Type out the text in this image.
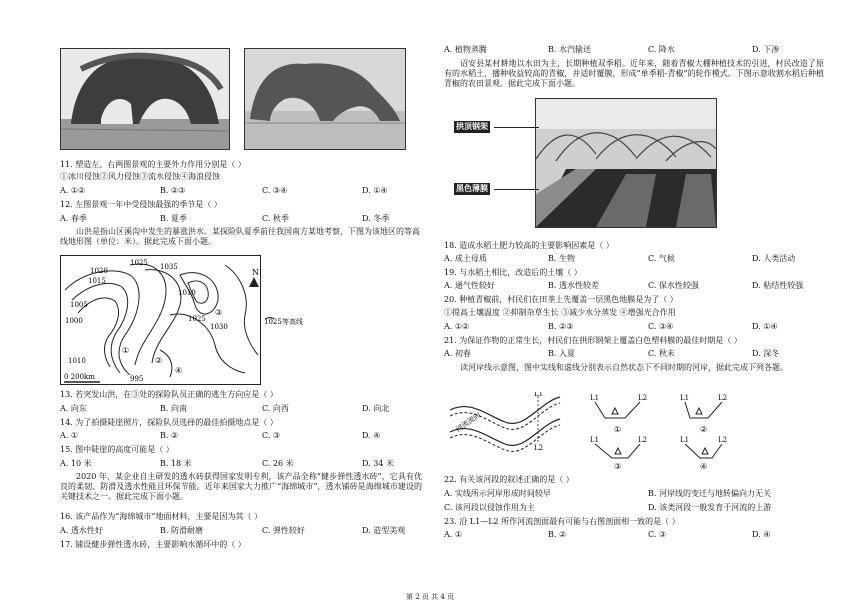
11. 塑造左、右两图景观的主要外力作用分别是（ ）
①冰川侵蚀②风力侵蚀③流水侵蚀④海浪侵蚀
A. ①②	B. ②③	C. ③④	D. ①④
12. 左图景观一年中受侵蚀最强的季节是（ ）
A. 春季	B. 夏季	C. 秋季	D. 冬季
山洪是指山区溪沟中发生的暴涨洪水。某探险队夏季前往我国南方某地考察，下图为该地区的等高线地形图（单位：米）。据此完成下面小题。
1020
1015
1005
1000
1025 1035
1010
1025
1030
1010
①
②
③
④
995
0 200km
N
1025 等高线
13. 若突发山洪，在③处的探险队员正确的逃生方向应是（ ）
A. 向东	B. 向南	C. 向西	D. 向北
14. 为了拍摄陡崖照片，探险队员选择的最佳拍摄地点是（ ）
A. ①	B. ②	C. ③	D. ④
15. 图中陡崖的高度可能是（ ）
A. 10 米	B. 18 米	C. 26 米	D. 34 米
2020 年，某企业自主研发的透水砖获得国家发明专利，该产品全称“健步弹性透水砖”，它具有优良的柔韧、防滑及透水性能且环保节能。近年来国家大力推广“海绵城市”，透水铺砖是海绵城市建设的关键技术之一。据此完成下面小题。
16. 该产品作为“海绵城市”地面材料，主要是因为其（ ）
A. 透水性好	B. 防滑耐磨	C. 弹性较好	D. 造型美观
17. 铺设健步弹性透水砖，主要影响水循环中的（ ）
A. 植物蒸腾	B. 水汽输送	C. 降水	D. 下渗
诏安县某村耕地以水田为主，长期种植双季稻。近年来，随着青椒大棚种植技术的引进，村民改造了原有的水稻土，播种收益较高的青椒，并适时覆膜，形成“单季稻-青椒”的轮作模式。下图示意收割水稻后种植青椒的农田景观。据此完成下面小题。
拱顶钢架
黑色薄膜
18. 造成水稻土肥力较高的主要影响因素是（ ）
A. 成土母质	B. 生物	C. 气候	D. 人类活动
19. 与水稻土相比，改造后的土壤（ ）
A. 通气性较好	B. 透水性较差	C. 保水性较强	D. 粘结性较强
20. 种植青椒前，村民们在田垄上先覆盖一层黑色地膜是为了（ ）
①提高土壤温度 ②抑制杂草生长 ③减少水分蒸发 ④增强光合作用
A. ①②	B. ②③	C. ③④	D. ①④
21. 为保证作物的正常生长，村民们在拱形钢架上覆盖白色塑料膜的最佳时期是（ ）
A. 初春	B. 入夏	C. 秋末	D. 深冬
读河岸线示意图，图中实线和虚线分别表示自然状态下不同时期的河岸，据此完成下列各题。
L1
L2
河流流向
L1	L2
①
L1	L2
②
L1	L2
③
L1	L2
④
22. 有关该河段的叙述正确的是（ ）
A. 实线所示河岸形成时间较早	B. 河岸线的变迁与地转偏向力无关
C. 该河段以侵蚀作用为主	D. 该类河段一般发育于河流的上游
23. 沿 L1—L2 所作河流剖面最有可能与右图剖面相一致的是（ ）
A. ①	B. ②	C. ③	D. ④
第 2 页 共 4 页
